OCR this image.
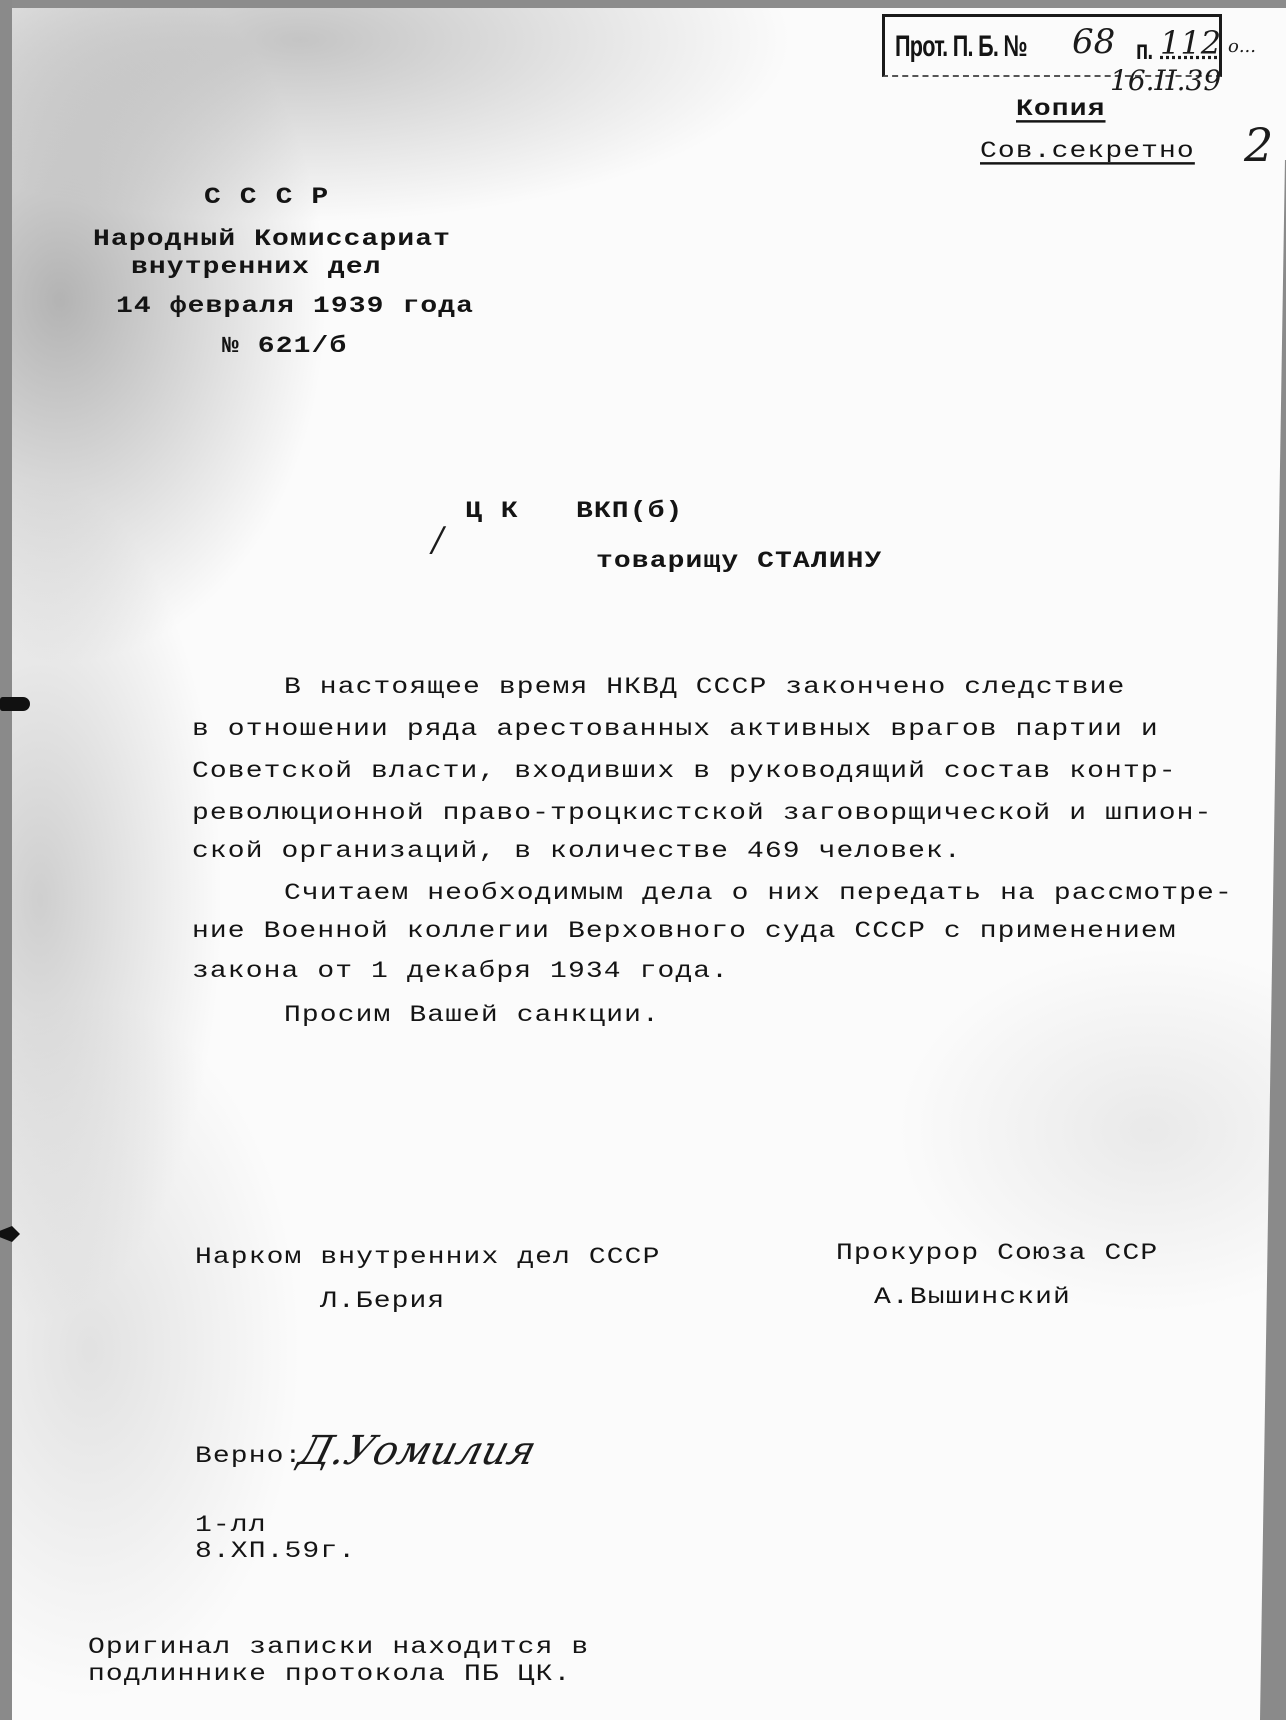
Прот. П. Б. № 68 п. 112 о...
16.II.39
Копия
Сов.секретно 2
С С С Р
Народный Комиссариат
внутренних дел
14 февраля 1939 года
№ 621/б
/
Ц К ВКП(б)
товарищу СТАЛИНУ
В настоящее время НКВД СССР закончено следствие
в отношении ряда арестованных активных врагов партии и
Советской власти, входивших в руководящий состав контр-
революционной право-троцкистской заговорщической и шпион-
ской организаций, в количестве 469 человек.
Считаем необходимым дела о них передать на рассмотре-
ние Военной коллегии Верховного суда СССР с применением
закона от 1 декабря 1934 года.
Просим Вашей санкции.
Нарком внутренних дел СССР
Л.Берия
Прокурор Союза ССР
А.Вышинский
Верно:
Д.Уомилия
1-лл
8.ХП.59г.
Оригинал записки находится в
подлиннике протокола ПБ ЦК.
